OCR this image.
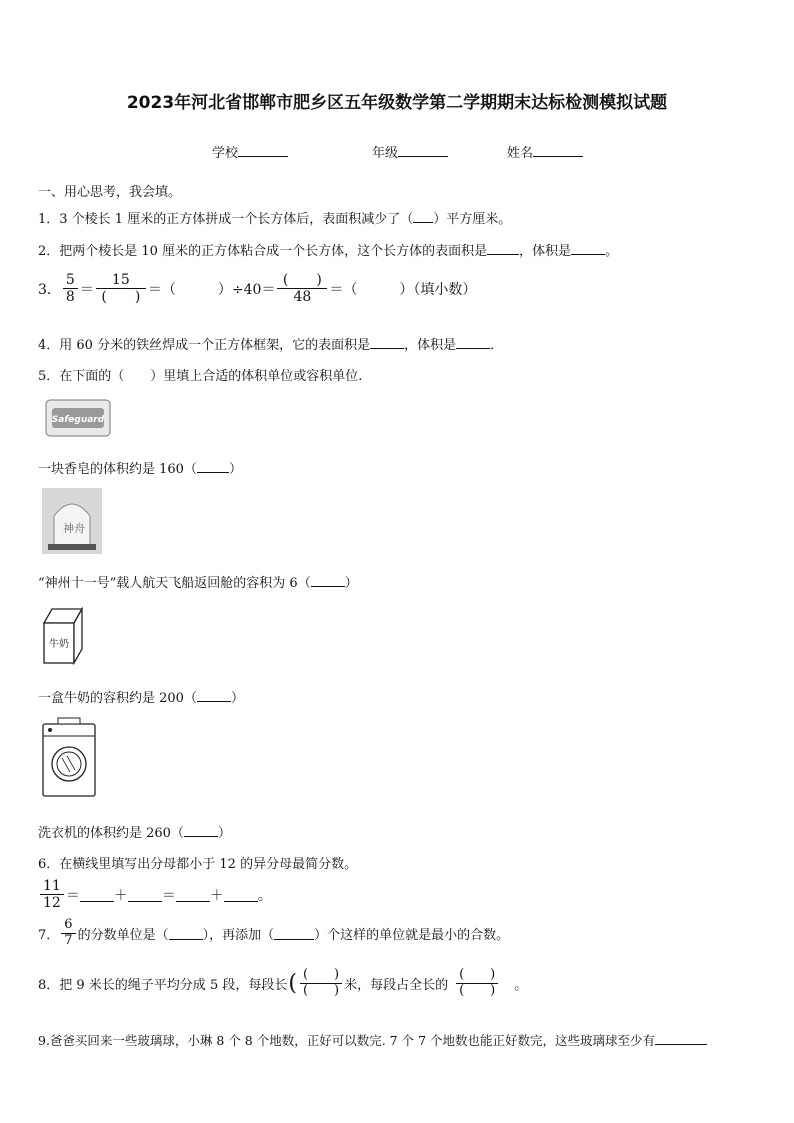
2023年河北省邯郸市肥乡区五年级数学第二学期期末达标检测模拟试题
学校	年级	姓名
一、用心思考，我会填。
1．3 个棱长 1 厘米的正方体拼成一个长方体后，表面积减少了（ ）平方厘米。
2．把两个棱长是 10 厘米的正方体粘合成一个长方体，这个长方体的表面积是 ，体积是	。
3． $\frac{5}{8} = \frac{15}{( )}$ ＝（　　　）$\div 40= \frac{( )}{48}$ ＝（　　　）（填小数）
4．用 60 分米的铁丝焊成一个正方体框架，它的表面积是	，体积是	．
5．在下面的（　　）里填上合适的体积单位或容积单位.
Safeguard
一块香皂的体积约是 160（ ）
神舟
“神州十一号”载人航天飞船返回舱的容积为 6（	）
牛奶
一盒牛奶的容积约是 200（	）
洗衣机的体积约是 260（	）
6．在横线里填写出分母都小于 12 的异分母最简分数。
$\frac{11}{12}$ ＝ ＋ ＝ ＋ 。
7． $\frac{6}{7}$ 的分数单位是（	），再添加（	）个这样的单位就是最小的合数。
8．把 9 米长的绳子平均分成 5 段，每段长 ( $\frac{( )}{( )}$ 米，每段占全长的 $\frac{( )}{( )}$ 。
9.爸爸买回来一些玻璃球，小琳 8 个 8 个地数，正好可以数完. 7 个 7 个地数也能正好数完，这些玻璃球至少有
